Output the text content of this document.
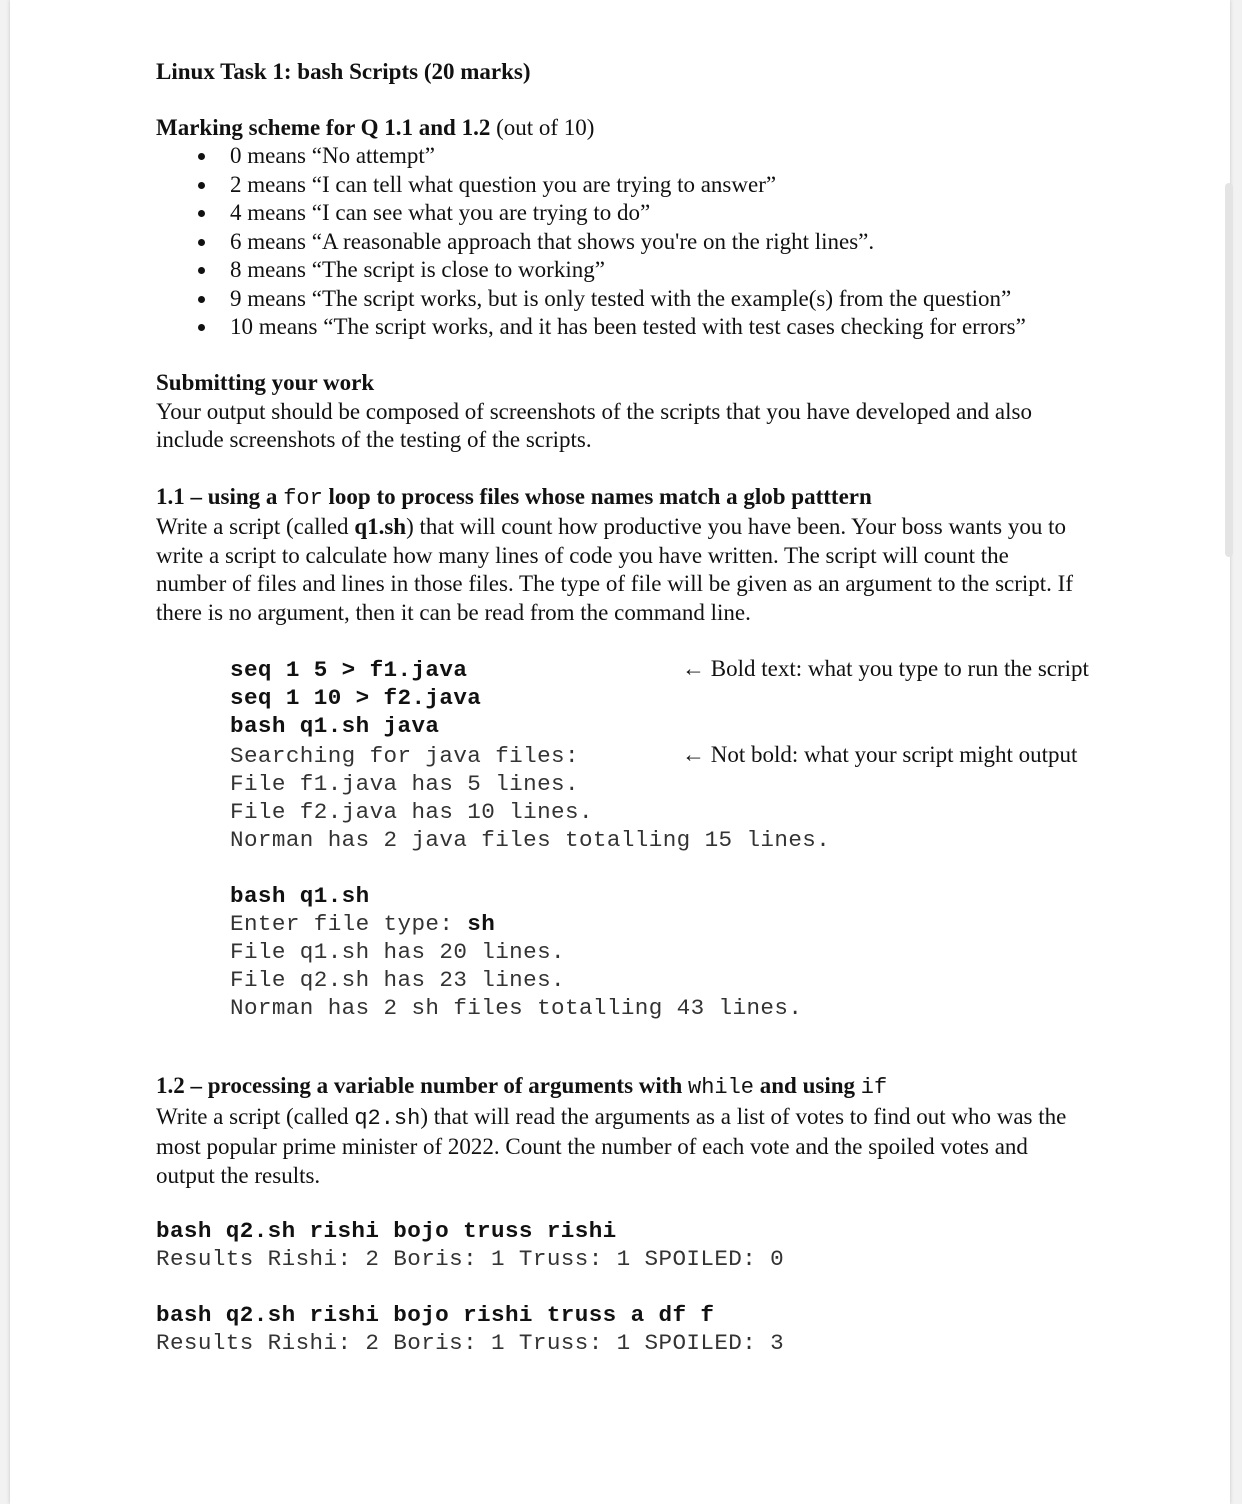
Linux Task 1: bash Scripts (20 marks)
Marking scheme for Q 1.1 and 1.2 (out of 10)
0 means “No attempt”
2 means “I can tell what question you are trying to answer”
4 means “I can see what you are trying to do”
6 means “A reasonable approach that shows you're on the right lines”.
8 means “The script is close to working”
9 means “The script works, but is only tested with the example(s) from the question”
10 means “The script works, and it has been tested with test cases checking for errors”
Submitting your work
Your output should be composed of screenshots of the scripts that you have developed and also
include screenshots of the testing of the scripts.
1.1 – using a for loop to process files whose names match a glob patttern
Write a script (called q1.sh) that will count how productive you have been. Your boss wants you to
write a script to calculate how many lines of code you have written. The script will count the
number of files and lines in those files. The type of file will be given as an argument to the script. If
there is no argument, then it can be read from the command line.
seq 1 5 > f1.java
seq 1 10 > f2.java
bash q1.sh java
Searching for java files:
File f1.java has 5 lines.
File f2.java has 10 lines.
Norman has 2 java files totalling 15 lines.
← Bold text: what you type to run the script
← Not bold: what your script might output
bash q1.sh
Enter file type: sh
File q1.sh has 20 lines.
File q2.sh has 23 lines.
Norman has 2 sh files totalling 43 lines.
1.2 – processing a variable number of arguments with while and using if
Write a script (called q2.sh) that will read the arguments as a list of votes to find out who was the
most popular prime minister of 2022. Count the number of each vote and the spoiled votes and
output the results.
bash q2.sh rishi bojo truss rishi
Results Rishi: 2 Boris: 1 Truss: 1 SPOILED: 0
bash q2.sh rishi bojo rishi truss a df f
Results Rishi: 2 Boris: 1 Truss: 1 SPOILED: 3
